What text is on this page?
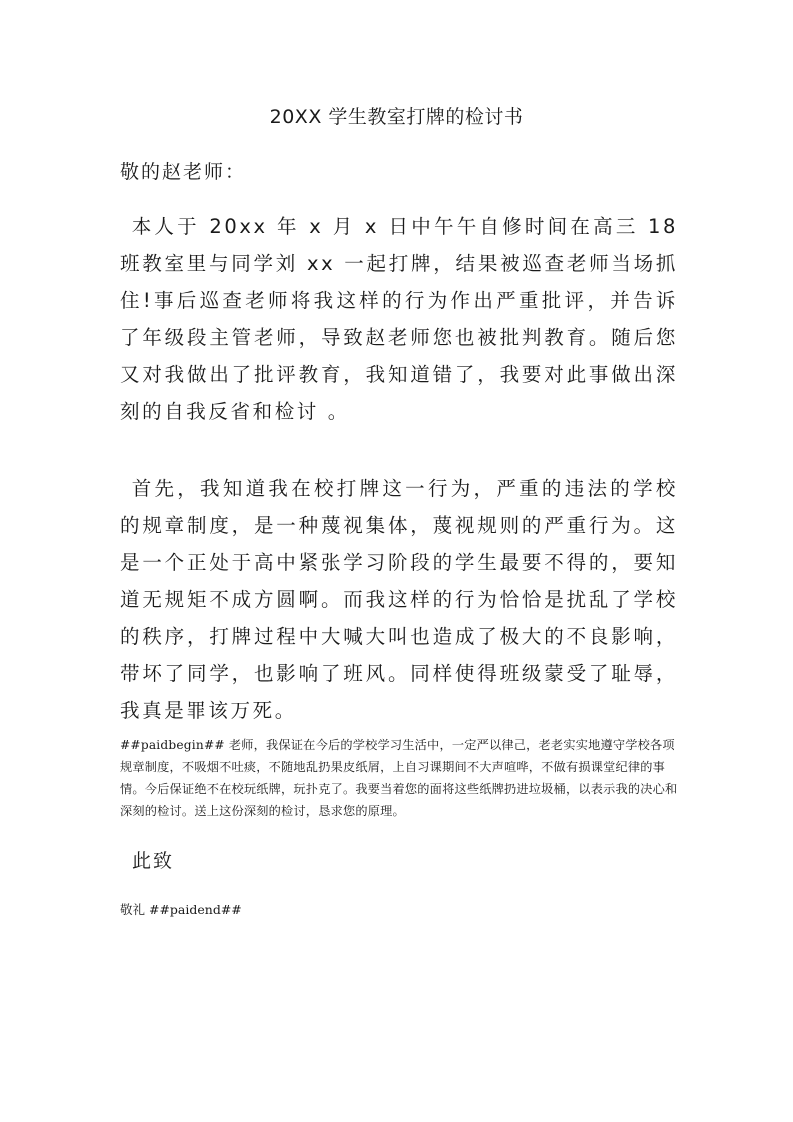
20XX 学生教室打牌的检讨书
敬的赵老师：

本人于 20xx 年 x 月 x 日中午午自修时间在高三 18 班教室里与同学刘 xx 一起打牌，结果被巡查老师当场抓住!事后巡查老师将我这样的行为作出严重批评，并告诉了年级段主管老师，导致赵老师您也被批判教育。随后您又对我做出了批评教育，我知道错了，我要对此事做出深刻的自我反省和检讨 。

首先，我知道我在校打牌这一行为，严重的违法的学校的规章制度，是一种蔑视集体，蔑视规则的严重行为。这是一个正处于高中紧张学习阶段的学生最要不得的，要知道无规矩不成方圆啊。而我这样的行为恰恰是扰乱了学校的秩序，打牌过程中大喊大叫也造成了极大的不良影响，带坏了同学，也影响了班风。同样使得班级蒙受了耻辱，我真是罪该万死。

##paidbegin## 老师，我保证在今后的学校学习生活中，一定严以律己，老老实实地遵守学校各项规章制度，不吸烟不吐痰，不随地乱扔果皮纸屑，上自习课期间不大声喧哗，不做有损课堂纪律的事情。今后保证绝不在校玩纸牌，玩扑克了。我要当着您的面将这些纸牌扔进垃圾桶，以表示我的决心和深刻的检讨。送上这份深刻的检讨，恳求您的原理。

此致
敬礼 ##paidend##
